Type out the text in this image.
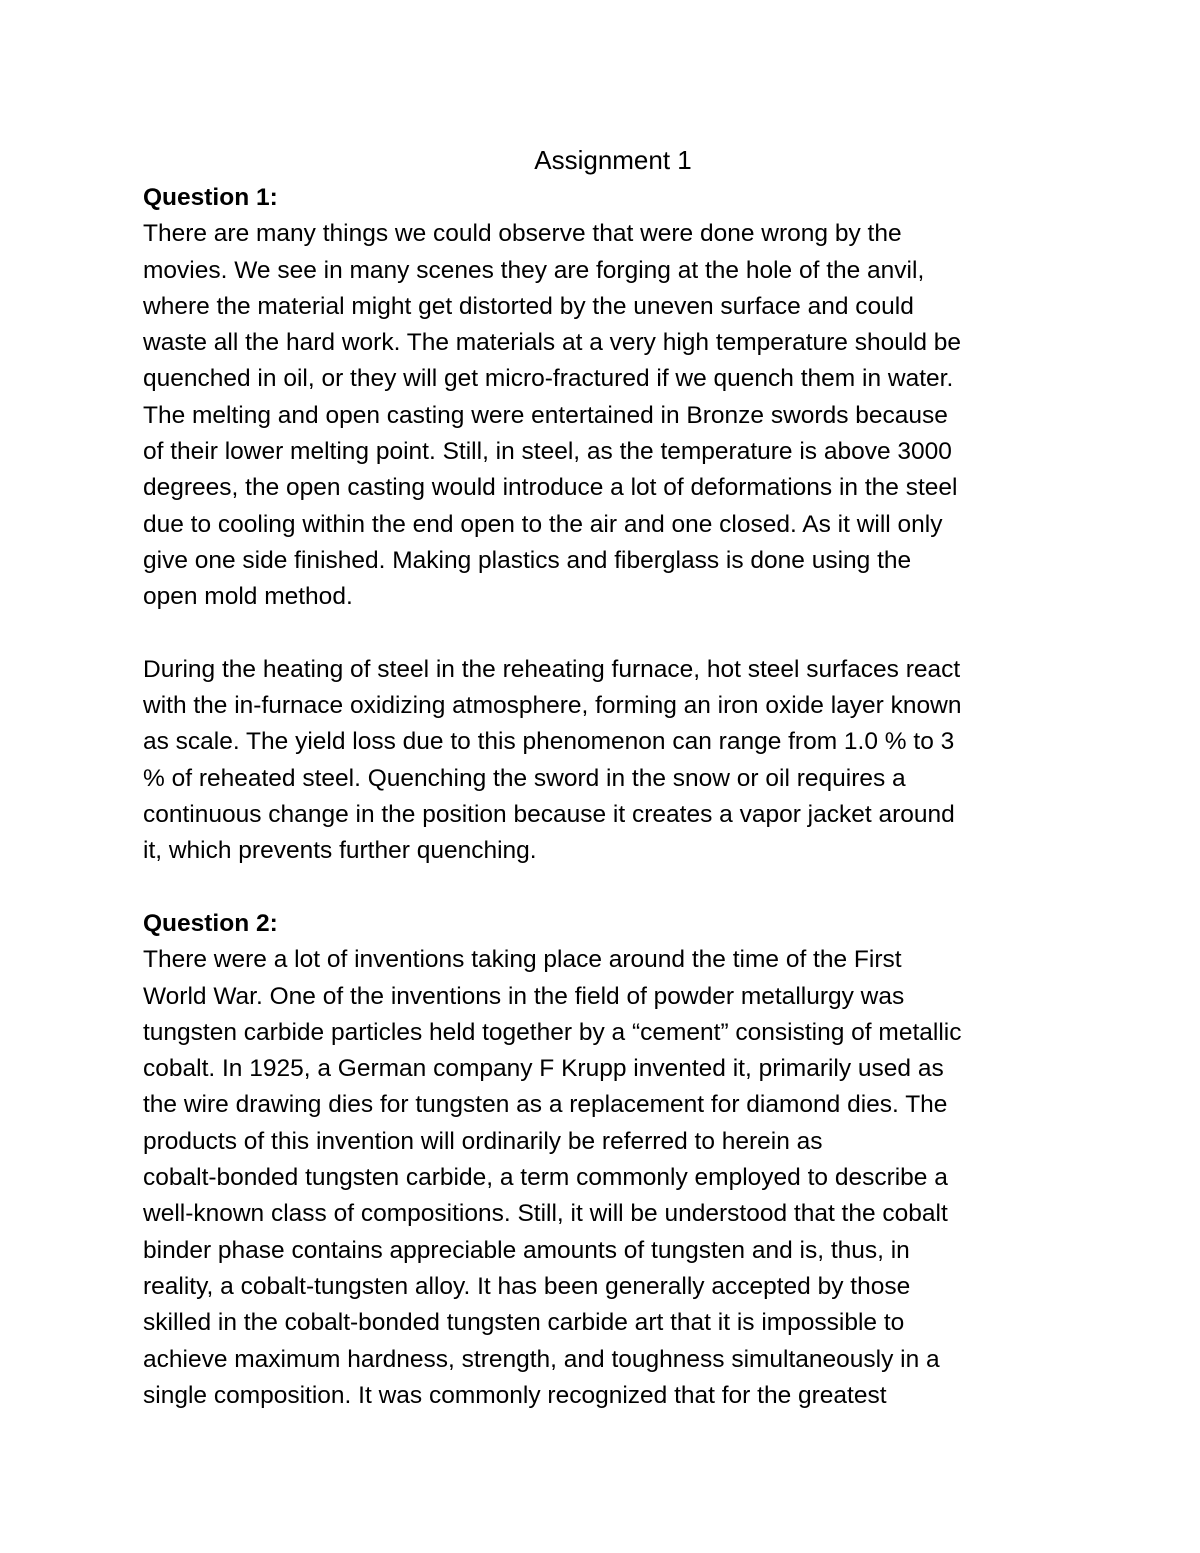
Assignment 1
Question 1:

There are many things we could observe that were done wrong by the
movies. We see in many scenes they are forging at the hole of the anvil,
where the material might get distorted by the uneven surface and could
waste all the hard work. The materials at a very high temperature should be
quenched in oil, or they will get micro-fractured if we quench them in water.
The melting and open casting were entertained in Bronze swords because
of their lower melting point. Still, in steel, as the temperature is above 3000
degrees, the open casting would introduce a lot of deformations in the steel
due to cooling within the end open to the air and one closed. As it will only
give one side finished. Making plastics and fiberglass is done using the
open mold method.

During the heating of steel in the reheating furnace, hot steel surfaces react
with the in-furnace oxidizing atmosphere, forming an iron oxide layer known
as scale. The yield loss due to this phenomenon can range from 1.0 % to 3
% of reheated steel. Quenching the sword in the snow or oil requires a
continuous change in the position because it creates a vapor jacket around
it, which prevents further quenching.

Question 2:

There were a lot of inventions taking place around the time of the First
World War. One of the inventions in the field of powder metallurgy was
tungsten carbide particles held together by a “cement” consisting of metallic
cobalt. In 1925, a German company F Krupp invented it, primarily used as
the wire drawing dies for tungsten as a replacement for diamond dies. The
products of this invention will ordinarily be referred to herein as
cobalt-bonded tungsten carbide, a term commonly employed to describe a
well-known class of compositions. Still, it will be understood that the cobalt
binder phase contains appreciable amounts of tungsten and is, thus, in
reality, a cobalt-tungsten alloy. It has been generally accepted by those
skilled in the cobalt-bonded tungsten carbide art that it is impossible to
achieve maximum hardness, strength, and toughness simultaneously in a
single composition. It was commonly recognized that for the greatest
